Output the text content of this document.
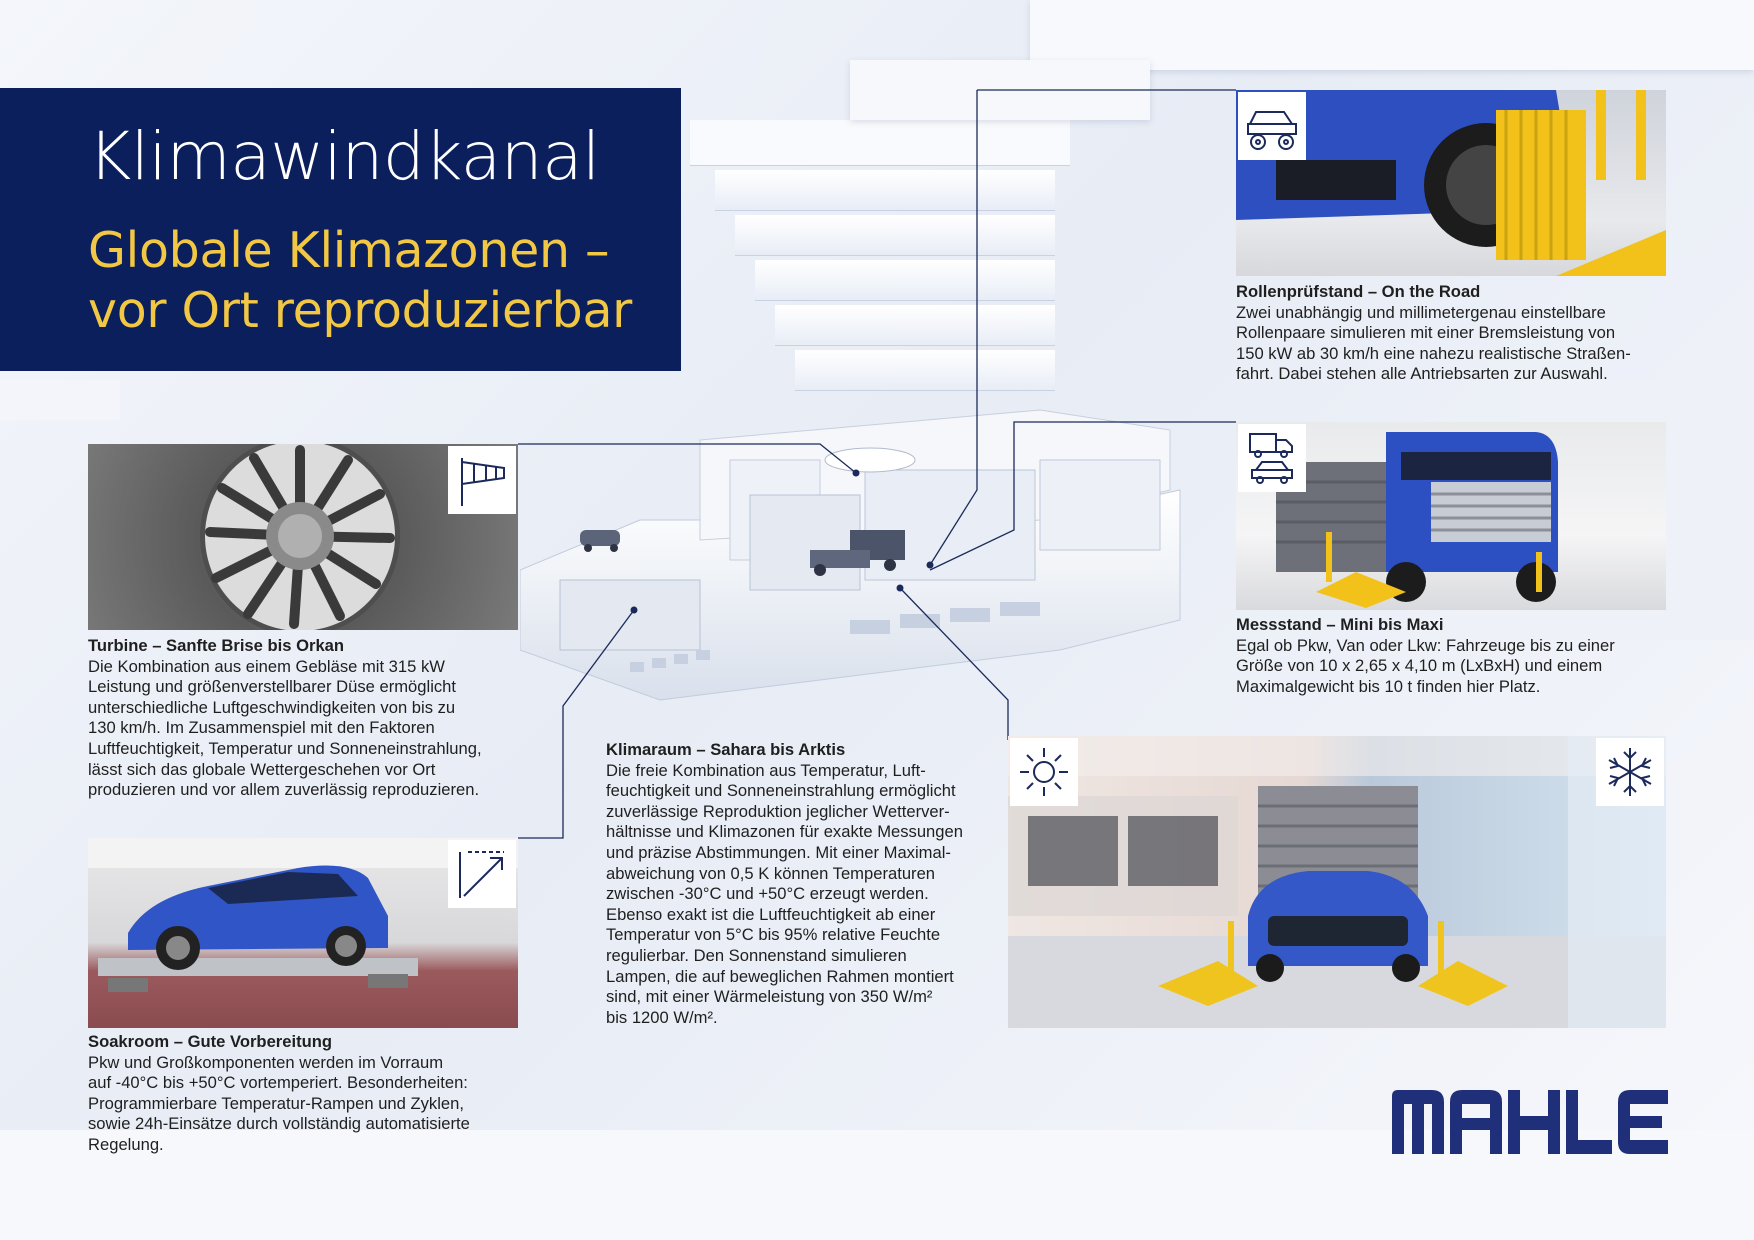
Klimawindkanal
Globale Klimazonen –
vor Ort reproduzierbar
Turbine – Sanfte Brise bis Orkan
Die Kombination aus einem Gebläse mit 315 kW
Leistung und größenverstellbarer Düse ermöglicht
unterschiedliche Luftgeschwindigkeiten von bis zu
130 km/h. Im Zusammenspiel mit den Faktoren
Luftfeuchtigkeit, Temperatur und Sonneneinstrahlung,
lässt sich das globale Wettergeschehen vor Ort
produzieren und vor allem zuverlässig reproduzieren.
Soakroom – Gute Vorbereitung
Pkw und Großkomponenten werden im Vorraum
auf -40°C bis +50°C vortemperiert. Besonderheiten:
Programmierbare Temperatur-Rampen und Zyklen,
sowie 24h-Einsätze durch vollständig automatisierte
Regelung.
Klimaraum – Sahara bis Arktis
Die freie Kombination aus Temperatur, Luft-
feuchtigkeit und Sonneneinstrahlung ermöglicht
zuverlässige Reproduktion jeglicher Wetterver-
hältnisse und Klimazonen für exakte Messungen
und präzise Abstimmungen. Mit einer Maximal-
abweichung von 0,5 K können Temperaturen
zwischen -30°C und +50°C erzeugt werden.
Ebenso exakt ist die Luftfeuchtigkeit ab einer
Temperatur von 5°C bis 95% relative Feuchte
regulierbar. Den Sonnenstand simulieren
Lampen, die auf beweglichen Rahmen montiert
sind, mit einer Wärmeleistung von 350 W/m²
bis 1200 W/m².
Rollenprüfstand – On the Road
Zwei unabhängig und millimetergenau einstellbare
Rollenpaare simulieren mit einer Bremsleistung von
150 kW ab 30 km/h eine nahezu realistische Straßen-
fahrt. Dabei stehen alle Antriebsarten zur Auswahl.
Messstand – Mini bis Maxi
Egal ob Pkw, Van oder Lkw: Fahrzeuge bis zu einer
Größe von 10 x 2,65 x 4,10 m (LxBxH) und einem
Maximalgewicht bis 10 t finden hier Platz.
